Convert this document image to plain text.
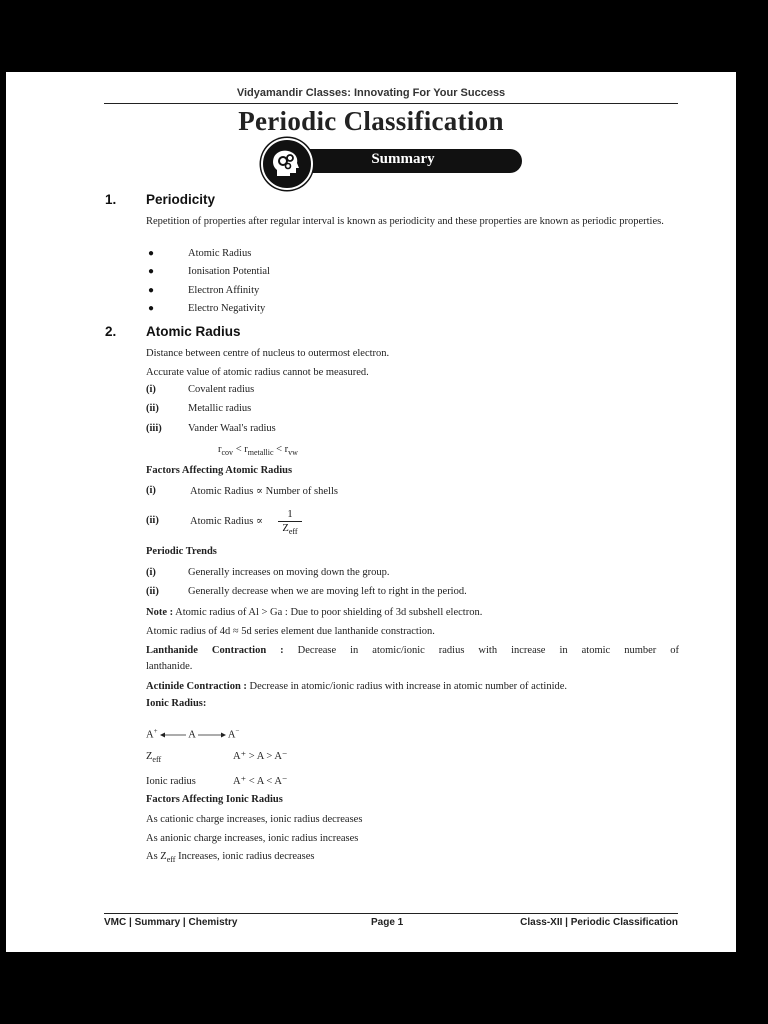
Vidyamandir Classes: Innovating For Your Success
Periodic Classification
Summary
1. Periodicity
Repetition of properties after regular interval is known as periodicity and these properties are known as periodic properties.
●	Atomic Radius
●	Ionisation Potential
●	Electron Affinity
●	Electro Negativity
2. Atomic Radius
Distance between centre of nucleus to outermost electron.
Accurate value of atomic radius cannot be measured.
(i)	Covalent radius
(ii)	Metallic radius
(iii)	Vander Waal's radius
$r_{cov} < r_{metallic} < r_{vw}$
Factors Affecting Atomic Radius
(i)	Atomic Radius ∝ Number of shells
(ii)	Atomic Radius ∝
1
$Z_{eff}$
Periodic Trends
(i)	Generally increases on moving down the group.
(ii)	Generally decrease when we are moving left to right in the period.
Note : Atomic radius of Al > Ga : Due to poor shielding of 3d subshell electron.
Atomic radius of 4d ≈ 5d series element due lanthanide constraction.
Lanthanide Contraction : Decrease in atomic/ionic radius with increase in atomic number of
lanthanide.
Actinide Contraction : Decrease in atomic/ionic radius with increase in atomic number of actinide.
Ionic Radius:
A+	A	A−
$Z_{eff}$	A⁺ > A > A⁻
Ionic radius	A⁺ < A < A⁻
Factors Affecting Ionic Radius
As cationic charge increases, ionic radius decreases
As anionic charge increases, ionic radius increases
As $Z_{eff}$ Increases, ionic radius decreases
VMC | Summary | Chemistry	Page 1	Class-XII | Periodic Classification
